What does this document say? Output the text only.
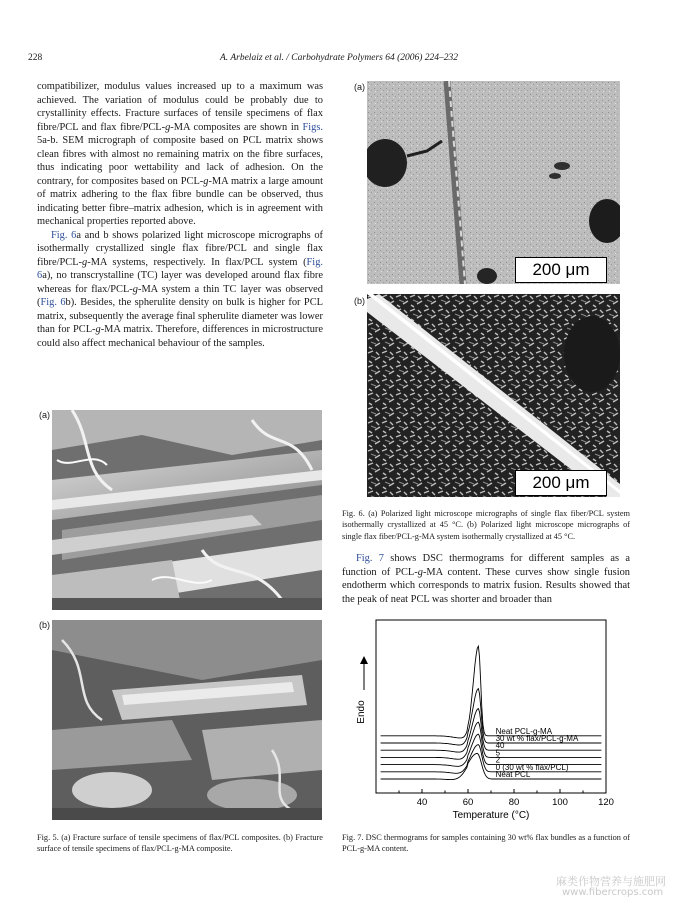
228	A. Arbelaiz et al. / Carbohydrate Polymers 64 (2006) 224–232

compatibilizer, modulus values increased up to a maximum was achieved. The variation of modulus could be probably due to crystallinity effects. Fracture surfaces of tensile specimens of flax fibre/PCL and flax fibre/PCL-g-MA composites are shown in Figs. 5a-b. SEM micrograph of composite based on PCL matrix shows clean fibres with almost no remaining matrix on the fibre surfaces, thus indicating poor wettability and lack of adhesion. On the contrary, for composites based on PCL-g-MA matrix a large amount of matrix adhering to the flax fibre bundle can be observed, thus indicating better fibre–matrix adhesion, which is in agreement with mechanical properties reported above.

Fig. 6a and b shows polarized light microscope micrographs of isothermally crystallized single flax fibre/PCL and single flax fibre/PCL-g-MA systems, respectively. In flax/PCL system (Fig. 6a), no transcrystalline (TC) layer was developed around flax fibre whereas for flax/PCL-g-MA system a thin TC layer was observed (Fig. 6b). Besides, the spherulite density on bulk is higher for PCL matrix, subsequently the average final spherulite diameter was lower than for PCL-g-MA matrix. Therefore, differences in microstructure could also affect mechanical behaviour of the samples.

(a)
(b)
Fig. 5. (a) Fracture surface of tensile specimens of flax/PCL composites. (b) Fracture surface of tensile specimens of flax/PCL-g-MA composite.
(a)
200 μm
(b)
200 μm
Fig. 6. (a) Polarized light microscope micrographs of single flax fiber/PCL system isothermally crystallized at 45 °C. (b) Polarized light microscope micrographs of single flax fiber/PCL-g-MA system isothermally crystallized at 45 °C.

Fig. 7 shows DSC thermograms for different samples as a function of PCL-g-MA content. These curves show single fusion endotherm which corresponds to matrix fusion. Results showed that the peak of neat PCL was shorter and broader than

40	60	80	100	120
Neat PCL-g-MA
30 wt % flax/PCL-g-MA
40
5
2
0 (30 wt % flax/PCL)
Neat PCL
Endo
Temperature (°C)
Fig. 7. DSC thermograms for samples containing 30 wt% flax bundles as a function of PCL-g-MA content.
麻类作物营养与施肥网
www.fibercrops.com
